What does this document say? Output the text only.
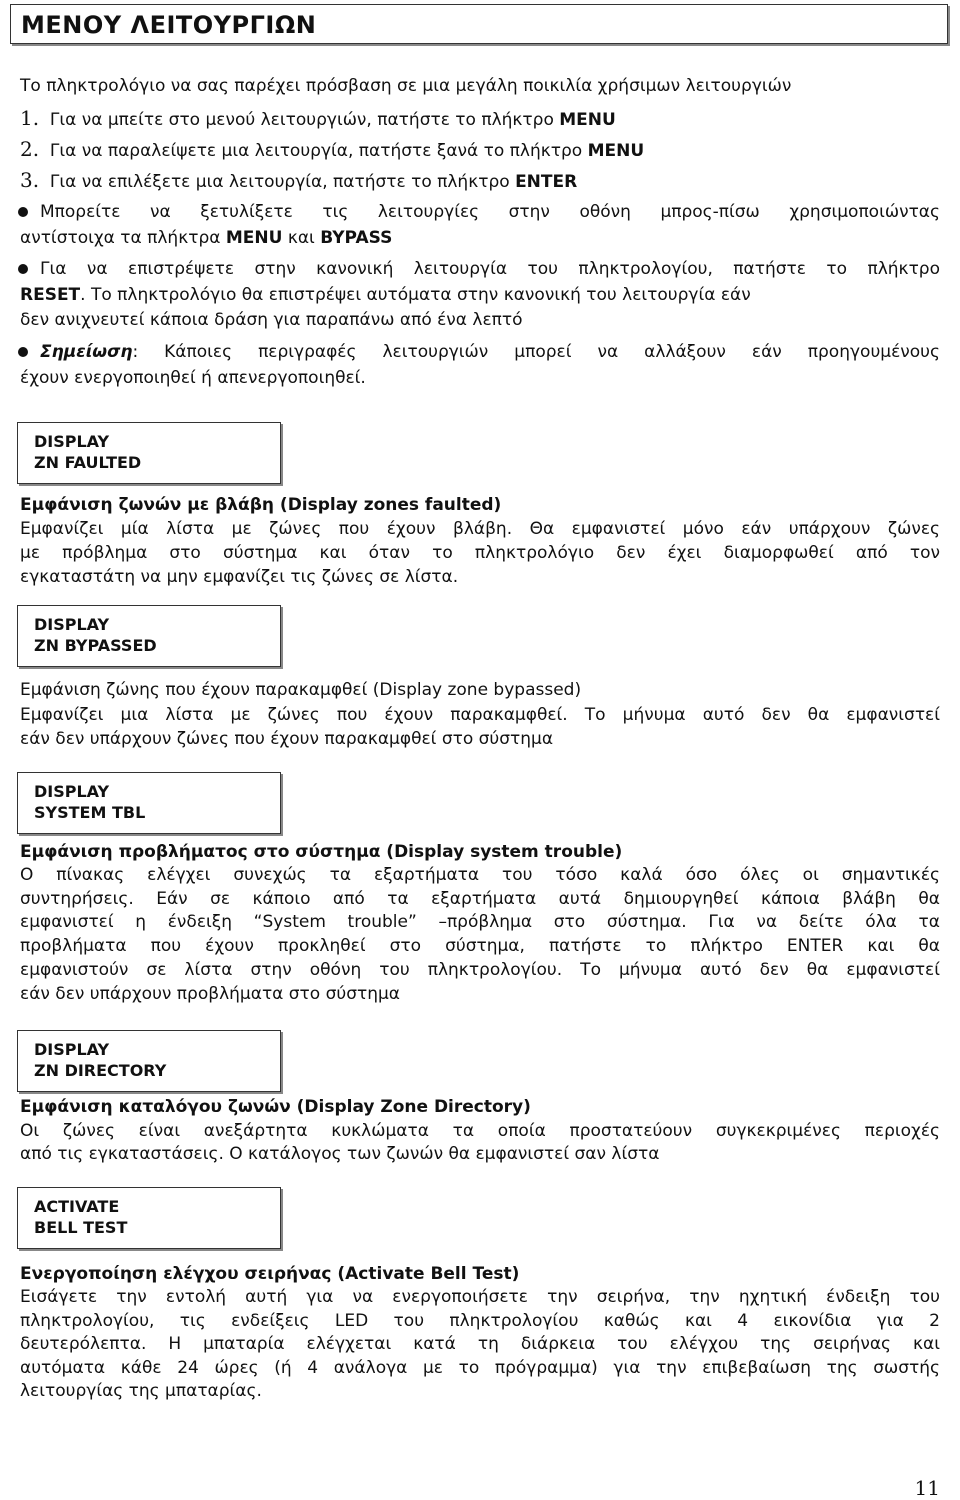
ΜΕΝΟΥ ΛΕΙΤΟΥΡΓΙΩΝ
Το πληκτρολόγιο να σας παρέχει πρόσβαση σε μια μεγάλη ποικιλία χρήσιμων λειτουργιών
1. Για να μπείτε στο μενού λειτουργιών, πατήστε το πλήκτρο MENU
2. Για να παραλείψετε μια λειτουργία, πατήστε ξανά το πλήκτρο MENU
3. Για να επιλέξετε μια λειτουργία, πατήστε το πλήκτρο ENTER
Μπορείτε να ξετυλίξετε τις λειτουργίες στην οθόνη μπρος-πίσω χρησιμοποιώντας
αντίστοιχα τα πλήκτρα MENU και BYPASS
Για να επιστρέψετε στην κανονική λειτουργία του πληκτρολογίου, πατήστε το πλήκτρο
RESET. Το πληκτρολόγιο θα επιστρέψει αυτόματα στην κανονική του λειτουργία εάν
δεν ανιχνευτεί κάποια δράση για παραπάνω από ένα λεπτό
Σημείωση: Κάποιες περιγραφές λειτουργιών μπορεί να αλλάξουν εάν προηγουμένους
έχουν ενεργοποιηθεί ή απενεργοποιηθεί.
DISPLAY
ZN FAULTED
Εμφάνιση ζωνών με βλάβη (Display zones faulted)
Εμφανίζει μία λίστα με ζώνες που έχουν βλάβη. Θα εμφανιστεί μόνο εάν υπάρχουν ζώνες
με πρόβλημα στο σύστημα και όταν το πληκτρολόγιο δεν έχει διαμορφωθεί από τον
εγκαταστάτη να μην εμφανίζει τις ζώνες σε λίστα.
DISPLAY
ZN BYPASSED
Εμφάνιση ζώνης που έχουν παρακαμφθεί (Display zone bypassed)
Εμφανίζει μια λίστα με ζώνες που έχουν παρακαμφθεί. Το μήνυμα αυτό δεν θα εμφανιστεί
εάν δεν υπάρχουν ζώνες που έχουν παρακαμφθεί στο σύστημα
DISPLAY
SYSTEM TBL
Εμφάνιση προβλήματος στο σύστημα (Display system trouble)
Ο πίνακας ελέγχει συνεχώς τα εξαρτήματα του τόσο καλά όσο όλες οι σημαντικές
συντηρήσεις. Εάν σε κάποιο από τα εξαρτήματα αυτά δημιουργηθεί κάποια βλάβη θα
εμφανιστεί η ένδειξη “System trouble” –πρόβλημα στο σύστημα. Για να δείτε όλα τα
προβλήματα που έχουν προκληθεί στο σύστημα, πατήστε το πλήκτρο ENTER και θα
εμφανιστούν σε λίστα στην οθόνη του πληκτρολογίου. Το μήνυμα αυτό δεν θα εμφανιστεί
εάν δεν υπάρχουν προβλήματα στο σύστημα
DISPLAY
ZN DIRECTORY
Εμφάνιση καταλόγου ζωνών (Display Zone Directory)
Οι ζώνες είναι ανεξάρτητα κυκλώματα τα οποία προστατεύουν συγκεκριμένες περιοχές
από τις εγκαταστάσεις. Ο κατάλογος των ζωνών θα εμφανιστεί σαν λίστα
ACTIVATE
BELL TEST
Ενεργοποίηση ελέγχου σειρήνας (Activate Bell Test)
Εισάγετε την εντολή αυτή για να ενεργοποιήσετε την σειρήνα, την ηχητική ένδειξη του
πληκτρολογίου, τις ενδείξεις LED του πληκτρολογίου καθώς και 4 εικονίδια για 2
δευτερόλεπτα. Η μπαταρία ελέγχεται κατά τη διάρκεια του ελέγχου της σειρήνας και
αυτόματα κάθε 24 ώρες (ή 4 ανάλογα με το πρόγραμμα) για την επιβεβαίωση της σωστής
λειτουργίας της μπαταρίας.
11
